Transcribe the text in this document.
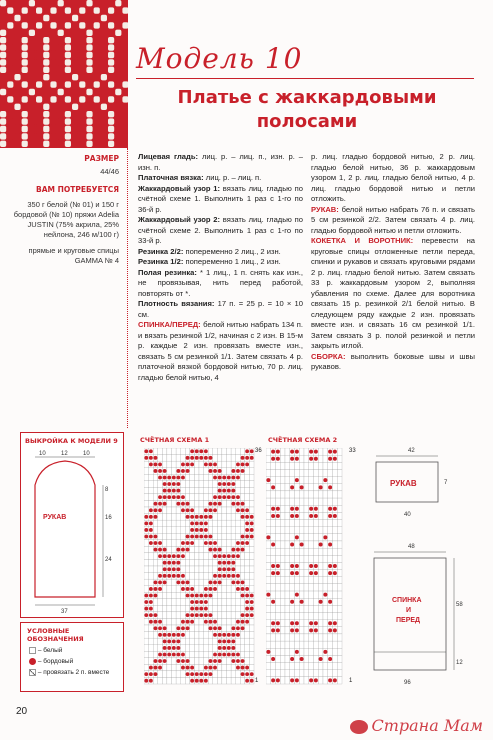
Модель 10
Платье с жаккардовыми
полосами
РАЗМЕР
44/46
ВАМ ПОТРЕБУЕТСЯ
350 г белой (№ 01) и 150 г
бордовой (№ 10) пряжи Adelia
JUSTIN (75% акрила, 25%
нейлона, 246 м/100 г)
прямые и круговые спицы
GAMMA № 4

Лицевая гладь: лиц. р. – лиц. п., изн. р. – изн. п.

Платочная вязка: лиц. р. – лиц. п.

Жаккардовый узор 1: вязать лиц. гладью по счётной схеме 1. Выполнить 1 раз с 1-го по 36-й р.

Жаккардовый узор 2: вязать лиц. гладью по счётной схеме 2. Выполнить 1 раз с 1-го по 33-й р.

Резинка 2/2: попеременно 2 лиц., 2 изн.

Резинка 1/2: попеременно 1 лиц., 2 изн.

Полая резинка: * 1 лиц., 1 п. снять как изн., не провязывая, нить перед работой, повторять от *.

Плотность вязания: 17 п. = 25 р. = 10 × 10 см.

СПИНКА/ПЕРЕД: белой нитью набрать 134 п. и вязать резинкой 1/2, начиная с 2 изн. В 15-м р. каждые 2 изн. провязать вместе изн., связать 5 см резинкой 1/1. Затем связать 4 р. платочной вязкой бордовой нитью, 70 р. лиц. гладью белой нитью, 4

р. лиц. гладью бордовой нитью, 2 р. лиц. гладью белой нитью, 36 р. жаккардовым узором 1, 2 р. лиц. гладью белой нитью, 4 р. лиц. гладью бордовой нитью и петли отложить.

РУКАВ: белой нитью набрать 76 п. и связать 5 см резинкой 2/2. Затем связать 4 р. лиц. гладью бордовой нитью и петли отложить.

КОКЕТКА И ВОРОТНИК: перевести на круговые спицы отложенные петли переда, спинки и рукавов и связать круговыми рядами 2 р. лиц. гладью белой нитью. Затем связать 33 р. жаккардовым узором 2, выполняя убавления по схеме. Далее для воротника связать 15 р. резинкой 2/1 белой нитью. В следующем ряду каждые 2 изн. провязать вместе изн. и связать 16 см резинкой 1/1. Затем связать 3 р. полой резинкой и петли закрыть иглой.

СБОРКА: выполнить боковые швы и швы рукавов.

ВЫКРОЙКА К МОДЕЛИ 9
10	12	10
8
16
24
37
РУКАВ
УСЛОВНЫЕ
ОБОЗНАЧЕНИЯ
– белый
– бордовый
– провязать 2 п. вместе
СЧЁТНАЯ СХЕМА 1
36
1
СЧЁТНАЯ СХЕМА 2
33
1
42
7
РУКАВ
40
48
СПИНКА
И
ПЕРЕД
58
12
96
20
Страна Мам
